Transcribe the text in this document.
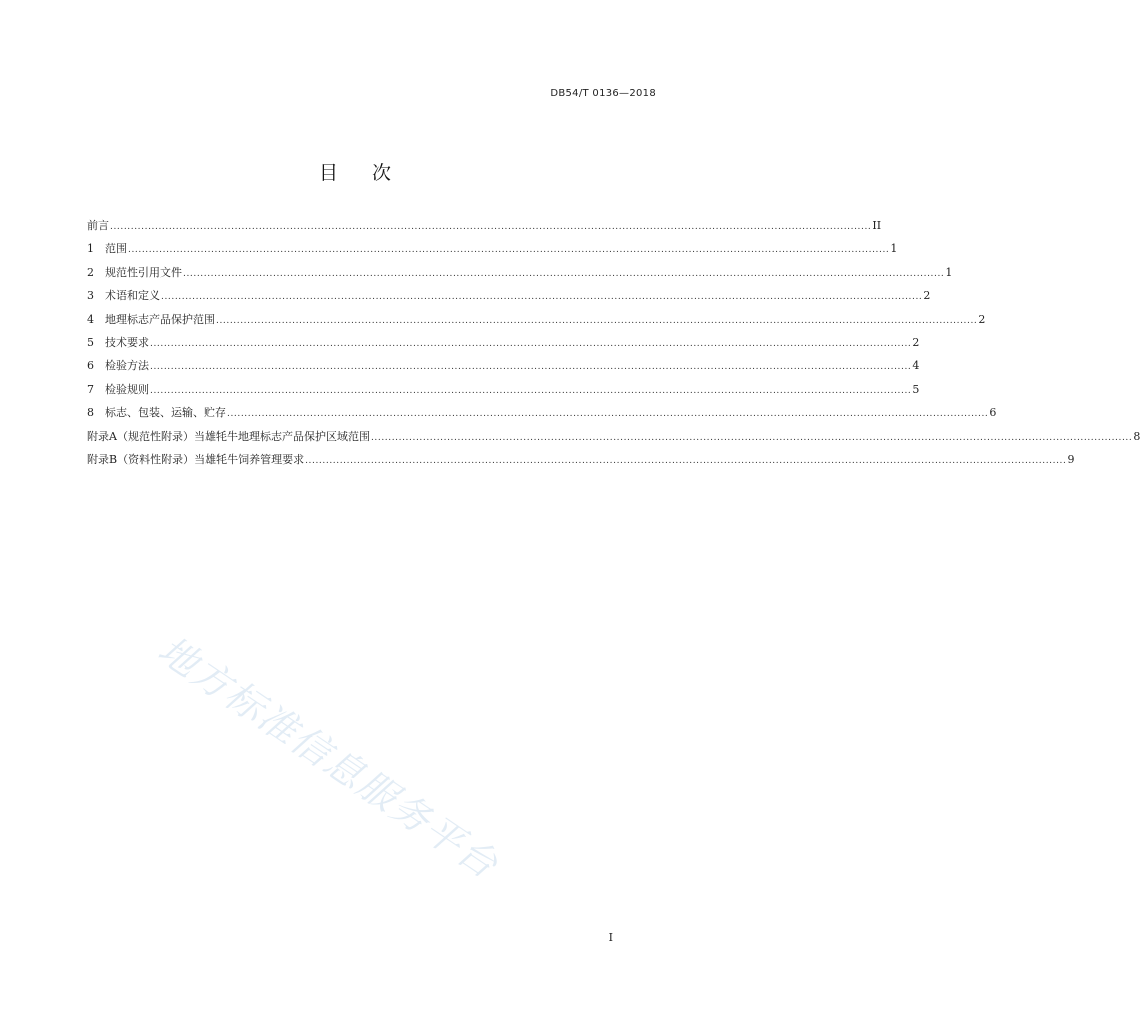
DB54/T 0136—2018
目 次
前言 ............................................................................................................................................................................................................................ II
1	范围 ............................................................................................................................................................................................................................ 1
2	规范性引用文件 ............................................................................................................................................................................................................................ 1
3	术语和定义 ............................................................................................................................................................................................................................ 2
4	地理标志产品保护范围 ............................................................................................................................................................................................................................ 2
5	技术要求 ............................................................................................................................................................................................................................ 2
6	检验方法 ............................................................................................................................................................................................................................ 4
7	检验规则 ............................................................................................................................................................................................................................ 5
8	标志、包装、运输、贮存 ............................................................................................................................................................................................................................ 6
附录A（规范性附录）当雄牦牛地理标志产品保护区域范围 ............................................................................................................................................................................................................................ 8
附录B（资料性附录）当雄牦牛饲养管理要求 ............................................................................................................................................................................................................................ 9
地方标准信息服务平台
I
